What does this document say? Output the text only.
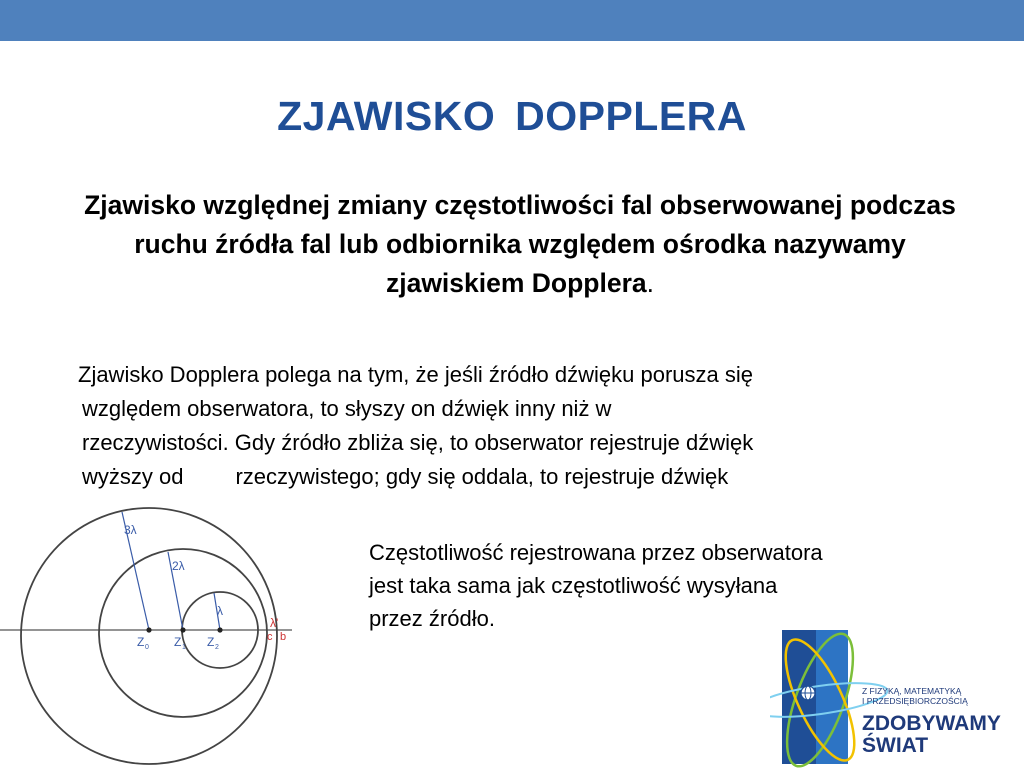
ZJAWISKO DOPPLERA
Zjawisko względnej zmiany częstotliwości fal obserwowanej podczas ruchu źródła fal lub odbiornika względem ośrodka nazywamy zjawiskiem Dopplera.
Zjawisko Dopplera polega na tym, że jeśli źródło dźwięku porusza się
względem obserwatora, to słyszy on dźwięk inny niż w
rzeczywistości. Gdy źródło zbliża się, to obserwator rejestruje dźwięk
wyższy od rzeczywistego; gdy się oddala, to rejestruje dźwięk
Częstotliwość rejestrowana przez obserwatora
jest taka sama jak częstotliwość wysyłana
przez źródło.
3λ
2λ
λ
λ'
Z 0 Z 1 Z 2
c b
Z FIZYKĄ, MATEMATYKĄ
I PRZEDSIĘBIORCZOŚCIĄ
ZDOBYWAMY
ŚWIAT
